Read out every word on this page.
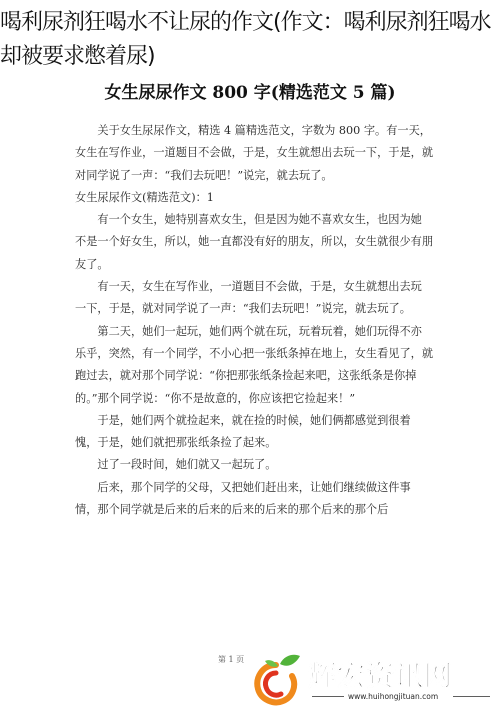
喝利尿剂狂喝水不让尿的作文(作文：喝利尿剂狂喝水却被要求憋着尿)
女生尿尿作文 800 字(精选范文 5 篇)

关于女生尿尿作文，精选 4 篇精选范文，字数为 800 字。有一天，女生在写作业，一道题目不会做，于是，女生就想出去玩一下，于是，就对同学说了一声：“我们去玩吧！”说完，就去玩了。

女生尿尿作文(精选范文)：1

有一个女生，她特别喜欢女生，但是因为她不喜欢女生，也因为她不是一个好女生，所以，她一直都没有好的朋友，所以，女生就很少有朋友了。

有一天，女生在写作业，一道题目不会做，于是，女生就想出去玩一下，于是，就对同学说了一声：“我们去玩吧！”说完，就去玩了。

第二天，她们一起玩，她们两个就在玩，玩着玩着，她们玩得不亦乐乎，突然，有一个同学，不小心把一张纸条掉在地上，女生看见了，就跑过去，就对那个同学说：“你把那张纸条捡起来吧，这张纸条是你掉的。”那个同学说：“你不是故意的，你应该把它捡起来！”

于是，她们两个就捡起来，就在捡的时候，她们俩都感觉到很着愧，于是，她们就把那张纸条捡了起来。

过了一段时间，她们就又一起玩了。

后来，那个同学的父母，又把她们赶出来，让她们继续做这件事情，那个同学就是后来的后来的后来的后来的那个后来的那个后

第 1 页 辉宏资讯网
www.huihongjituan.com
